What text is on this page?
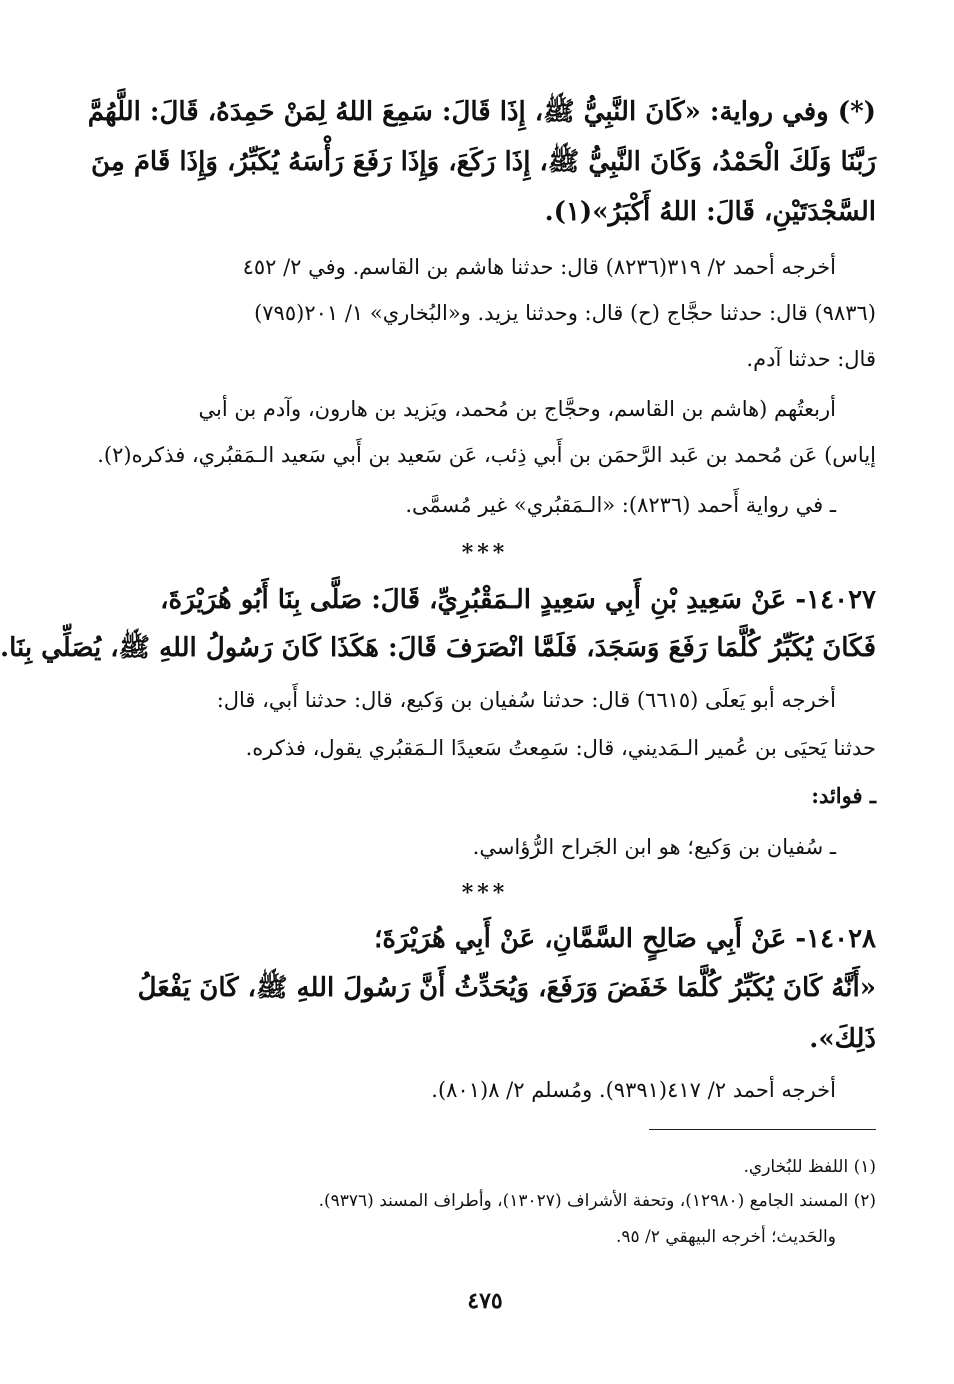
(*) وفي رواية: «كَانَ النَّبِيُّ ﷺ، إِذَا قَالَ: سَمِعَ اللهُ لِمَنْ حَمِدَهُ، قَالَ: اللَّهُمَّ
رَبَّنَا وَلَكَ الْحَمْدُ، وَكَانَ النَّبِيُّ ﷺ، إِذَا رَكَعَ، وَإِذَا رَفَعَ رَأْسَهُ يُكَبِّرُ، وَإِذَا قَامَ مِنَ
السَّجْدَتَيْنِ، قَالَ: اللهُ أَكْبَرُ»(١).
أخرجه أحمد ٢/ ٣١٩(٨٢٣٦) قال: حدثنا هاشم بن القاسم. وفي ٢/ ٤٥٢
(٩٨٣٦) قال: حدثنا حجَّاج (ح) قال: وحدثنا يزيد. و«البُخاري» ١/ ٢٠١(٧٩٥)
قال: حدثنا آدم.
أربعتُهم (هاشم بن القاسم، وحجَّاج بن مُحمد، ويَزيد بن هارون، وآدم بن أبي
إياس) عَن مُحمد بن عَبد الرَّحمَن بن أَبي ذِئب، عَن سَعيد بن أَبي سَعيد الـمَقبُري، فذكره(٢).
ـ في رواية أَحمد (٨٢٣٦): «الـمَقبُري» غير مُسمَّى.
***
١٤٠٢٧- عَنْ سَعِيدِ بْنِ أَبِي سَعِيدٍ الـمَقْبُرِيِّ، قَالَ: صَلَّى بِنَا أَبُو هُرَيْرَةَ،
فَكَانَ يُكَبِّرُ كُلَّمَا رَفَعَ وَسَجَدَ، فَلَمَّا انْصَرَفَ قَالَ: هَكَذَا كَانَ رَسُولُ اللهِ ﷺ، يُصَلِّي بِنَا.
أخرجه أبو يَعلَى (٦٦١٥) قال: حدثنا سُفيان بن وَكيع، قال: حدثنا أَبي، قال:
حدثنا يَحيَى بن عُمير الـمَديني، قال: سَمِعتُ سَعيدًا الـمَقبُري يقول، فذكره.
ـ فوائد:
ـ سُفيان بن وَكيع؛ هو ابن الجَراح الرُّؤاسي.
***
١٤٠٢٨- عَنْ أَبِي صَالِحٍ السَّمَّانِ، عَنْ أَبِي هُرَيْرَةَ؛
«أَنَّهُ كَانَ يُكَبِّرُ كُلَّمَا خَفَضَ وَرَفَعَ، وَيُحَدِّثُ أَنَّ رَسُولَ اللهِ ﷺ، كَانَ يَفْعَلُ
ذَلِكَ».
أخرجه أحمد ٢/ ٤١٧(٩٣٩١). ومُسلم ٢/ ٨(٨٠١).
(١) اللفظ للبُخاري.
(٢) المسند الجامع (١٢٩٨٠)، وتحفة الأشراف (١٣٠٢٧)، وأطراف المسند (٩٣٧٦).
والحَديث؛ أخرجه البيهقي ٢/ ٩٥.
٤٧٥
